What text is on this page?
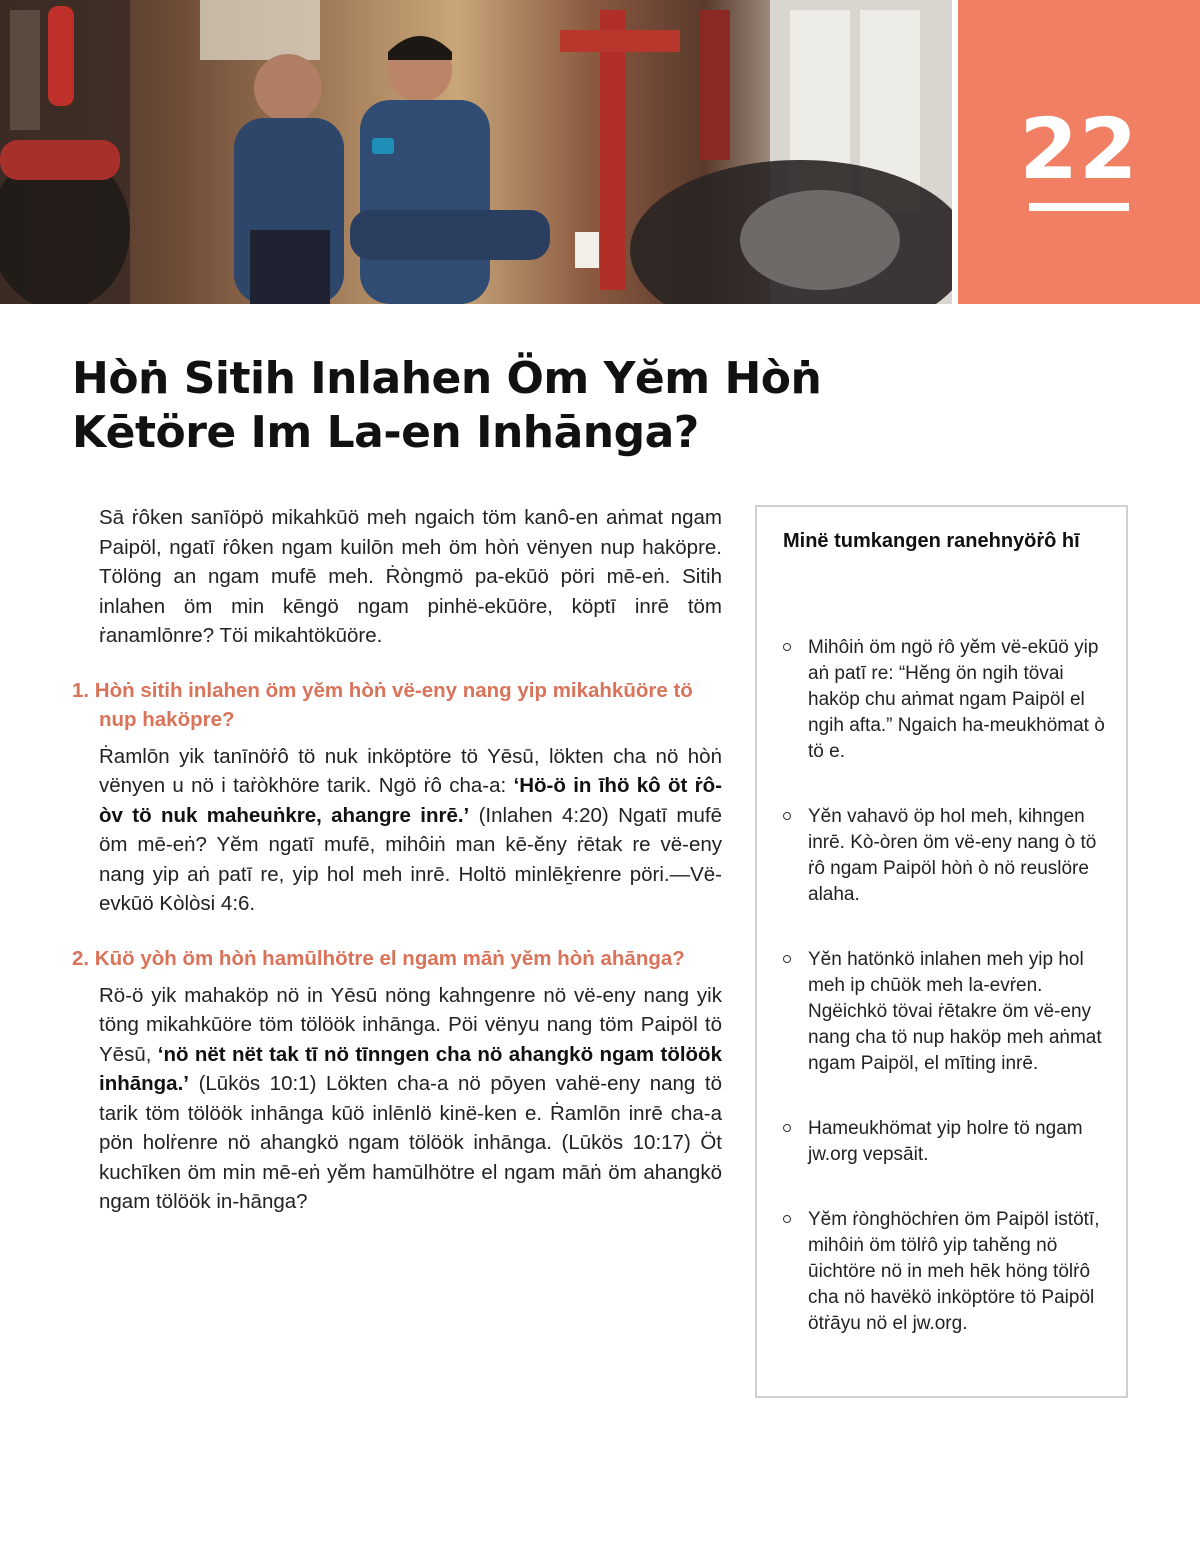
22
Hòṅ Sitih Inlahen Öm Yĕm Hòṅ Kētöre Im La-en Inhānga?

Sā ṙôken sanīöpö mikahkūö meh ngaich töm kanô-en aṅmat ngam Paipöl, ngatī ṙôken ngam kuilōn meh öm hòṅ vënyen nup haköpre. Tölöng an ngam mufē meh. Ṙòngmö pa-ekūö pöri mē-eṅ. Sitih inlahen öm min kēngö ngam pinhë-ekūöre, köptī inrē töm ṙanamlōnre? Töi mikahtökūöre.

1. Hòṅ sitih inlahen öm yĕm hòṅ vë-eny nang yip mikahkūöre tö nup haköpre?

Ṙamlōn yik tanīnöṙô tö nuk inköptöre tö Yēsū, lökten cha nö hòṅ vënyen u nö i taṙòkhöre tarik. Ngö ṙô cha-a: ‘Hö-ö in īhö kô öt ṙô-òv tö nuk maheuṅkre, ahangre inrē.’ (Inlahen 4:20) Ngatī mufē öm mē-eṅ? Yĕm ngatī mufē, mihôiṅ man kē-ĕny ṙētak re vë-eny nang yip aṅ patī re, yip hol meh inrē. Holtö minlēḵṙenre pöri.—Vë-evkūö Kòlòsi 4:6.

2. Kūö yòh öm hòṅ hamūlhötre el ngam māṅ yĕm hòṅ ahānga?

Rö-ö yik mahaköp nö in Yēsū nöng kahngenre nö vë-eny nang yik töng mikahkūöre töm tölöök inhānga. Pöi vënyu nang töm Paipöl tö Yēsū, ‘nö nët nët tak tī nö tīnngen cha nö ahangkö ngam tölöök inhānga.’ (Lūkös 10:1) Lökten cha-a nö pōyen vahë-eny nang tö tarik töm tölöök inhānga kūö inlēnlö kinë-ken e. Ṙamlōn inrē cha-a pön holṙenre nö ahangkö ngam tölöök inhānga. (Lūkös 10:17) Öt kuchīken öm min mē-eṅ yĕm hamūlhötre el ngam māṅ öm ahangkö ngam tölöök in-hānga?

Minë tumkangen ranehnyöṙô hī

Mihôiṅ öm ngö ṙô yĕm vë-ekūö yip aṅ patī re: “Hĕng ön ngih tövai haköp chu aṅmat ngam Paipöl el ngih afta.” Ngaich ha-meukhömat ò tö e.
Yĕn vahavö öp hol meh, kihngen inrē. Kò-òren öm vë-eny nang ò tö ṙô ngam Paipöl hòṅ ò nö reuslöre alaha.
Yĕn hatönkö inlahen meh yip hol meh ip chūök meh la-evṙen. Ngëichkö tövai ṙētakre öm vë-eny nang cha tö nup haköp meh aṅmat ngam Paipöl, el mīting inrē.
Hameukhömat yip holre tö ngam jw.org vepsāit.
Yĕm ṙònghöchṙen öm Paipöl istötī, mihôiṅ öm tölṙô yip tahĕng nö ūichtöre nö in meh hēk höng tölṙô cha nö havëkö inköptöre tö Paipöl ötṙāyu nö el jw.org.
